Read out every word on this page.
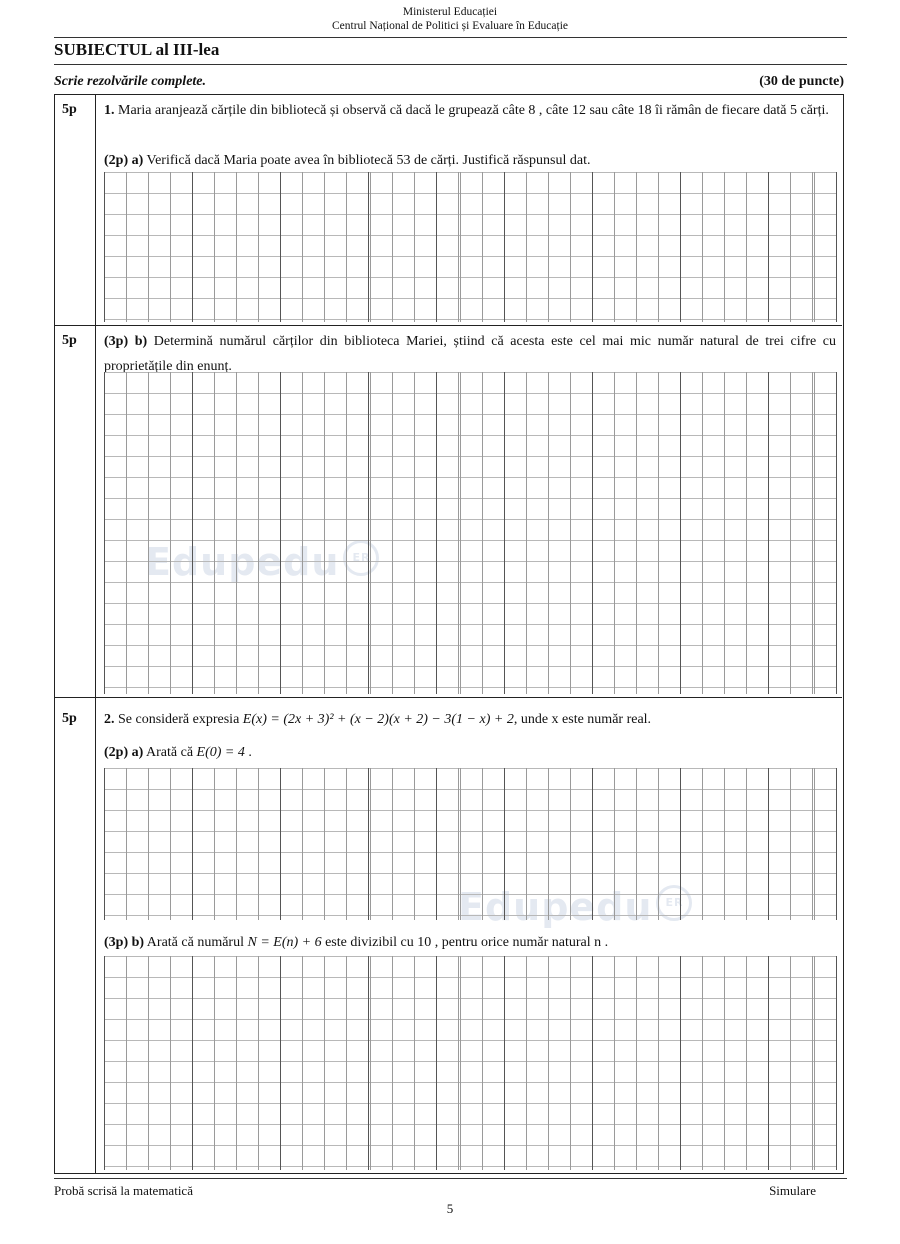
Ministerul Educației
Centrul Național de Politici și Evaluare în Educație
SUBIECTUL al III-lea
Scrie rezolvările complete.	(30 de puncte)
Edupedu ER
Edupedu ER
5p 1. Maria aranjează cărțile din bibliotecă și observă că dacă le grupează câte 8 , câte 12 sau câte 18 îi rămân de fiecare dată 5 cărți.
(2p) a) Verifică dacă Maria poate avea în bibliotecă 53 de cărți. Justifică răspunsul dat.
5p (3p) b) Determină numărul cărților din biblioteca Mariei, știind că acesta este cel mai mic număr natural de trei cifre cu proprietățile din enunț.
5p 2. Se consideră expresia E(x) = (2x + 3)² + (x − 2)(x + 2) − 3(1 − x) + 2, unde x este număr real.
(2p) a) Arată că E(0) = 4 .
(3p) b) Arată că numărul N = E(n) + 6 este divizibil cu 10 , pentru orice număr natural n .
Probă scrisă la matematică	Simulare
5
